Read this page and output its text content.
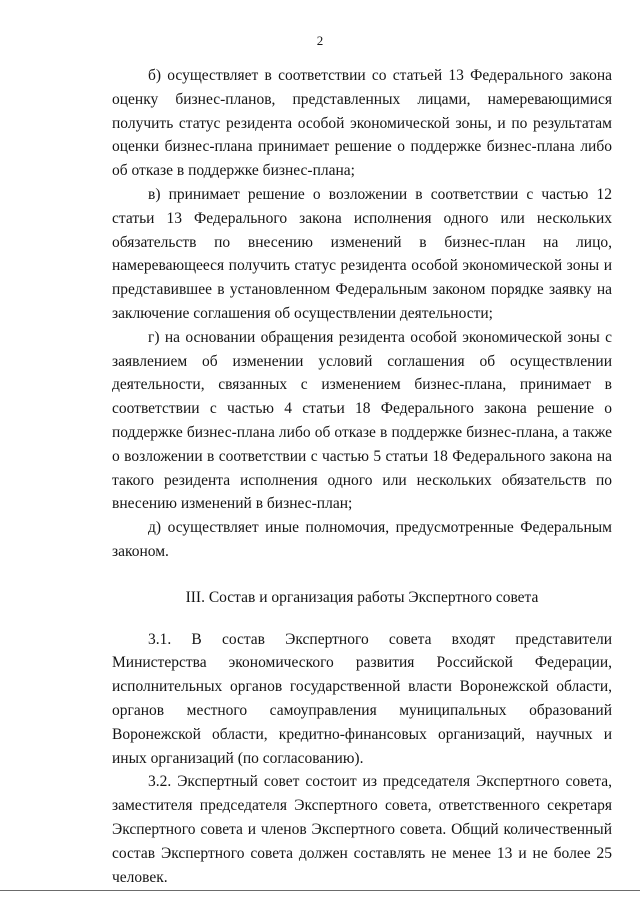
2

б) осуществляет в соответствии со статьей 13 Федерального закона оценку бизнес-планов, представленных лицами, намеревающимися получить статус резидента особой экономической зоны, и по результатам оценки бизнес-плана принимает решение о поддержке бизнес-плана либо об отказе в поддержке бизнес-плана;

в) принимает решение о возложении в соответствии с частью 12 статьи 13 Федерального закона исполнения одного или нескольких обязательств по внесению изменений в бизнес-план на лицо, намеревающееся получить статус резидента особой экономической зоны и представившее в установленном Федеральным законом порядке заявку на заключение соглашения об осуществлении деятельности;

г) на основании обращения резидента особой экономической зоны с заявлением об изменении условий соглашения об осуществлении деятельности, связанных с изменением бизнес-плана, принимает в соответствии с частью 4 статьи 18 Федерального закона решение о поддержке бизнес-плана либо об отказе в поддержке бизнес-плана, а также о возложении в соответствии с частью 5 статьи 18 Федерального закона на такого резидента исполнения одного или нескольких обязательств по внесению изменений в бизнес-план;

д) осуществляет иные полномочия, предусмотренные Федеральным законом.

III. Состав и организация работы Экспертного совета

3.1. В состав Экспертного совета входят представители Министерства экономического развития Российской Федерации, исполнительных органов государственной власти Воронежской области, органов местного самоуправления муниципальных образований Воронежской области, кредитно-финансовых организаций, научных и иных организаций (по согласованию).

3.2. Экспертный совет состоит из председателя Экспертного совета, заместителя председателя Экспертного совета, ответственного секретаря Экспертного совета и членов Экспертного совета. Общий количественный состав Экспертного совета должен составлять не менее 13 и не более 25 человек.
